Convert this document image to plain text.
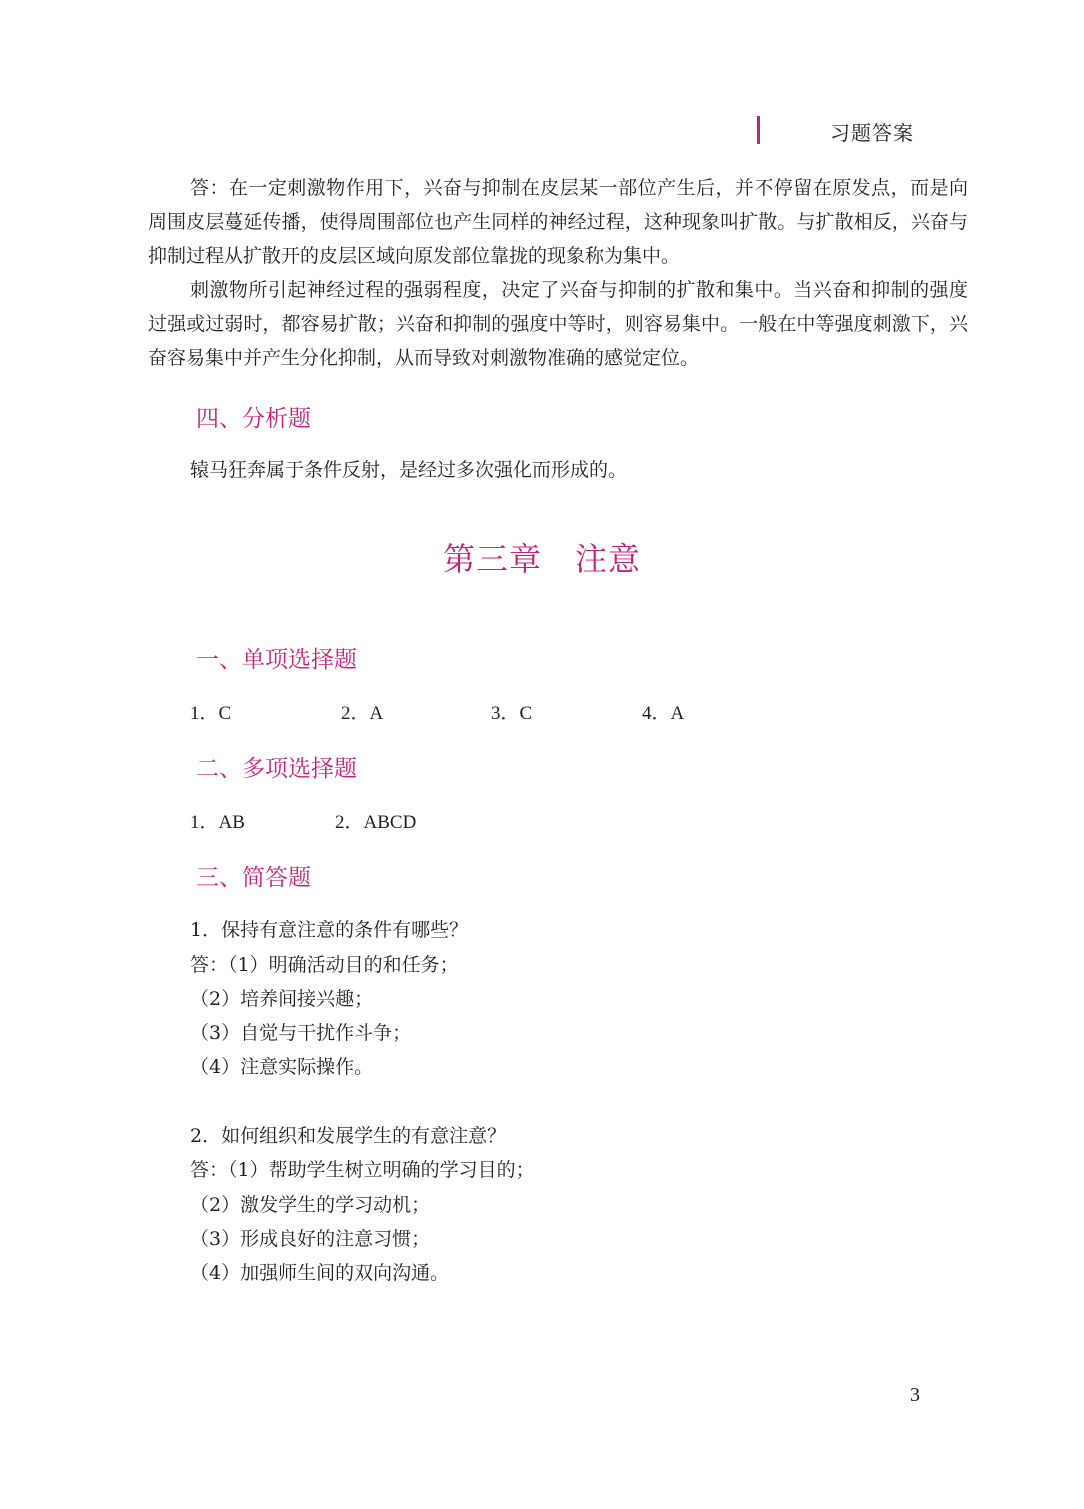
习题答案

答：在一定刺激物作用下，兴奋与抑制在皮层某一部位产生后，并不停留在原发点，而是向周围皮层蔓延传播，使得周围部位也产生同样的神经过程，这种现象叫扩散。与扩散相反，兴奋与抑制过程从扩散开的皮层区域向原发部位靠拢的现象称为集中。

刺激物所引起神经过程的强弱程度，决定了兴奋与抑制的扩散和集中。当兴奋和抑制的强度过强或过弱时，都容易扩散；兴奋和抑制的强度中等时，则容易集中。一般在中等强度刺激下，兴奋容易集中并产生分化抑制，从而导致对刺激物准确的感觉定位。

四、分析题

辕马狂奔属于条件反射，是经过多次强化而形成的。

第三章　注意
一、单项选择题
1．C	2．A	3．C	4．A
二、多项选择题
1．AB	2．ABCD
三、简答题

1．保持有意注意的条件有哪些？

答：（1）明确活动目的和任务；

（2）培养间接兴趣；

（3）自觉与干扰作斗争；

（4）注意实际操作。

2．如何组织和发展学生的有意注意？

答：（1）帮助学生树立明确的学习目的；

（2）激发学生的学习动机；

（3）形成良好的注意习惯；

（4）加强师生间的双向沟通。

3
